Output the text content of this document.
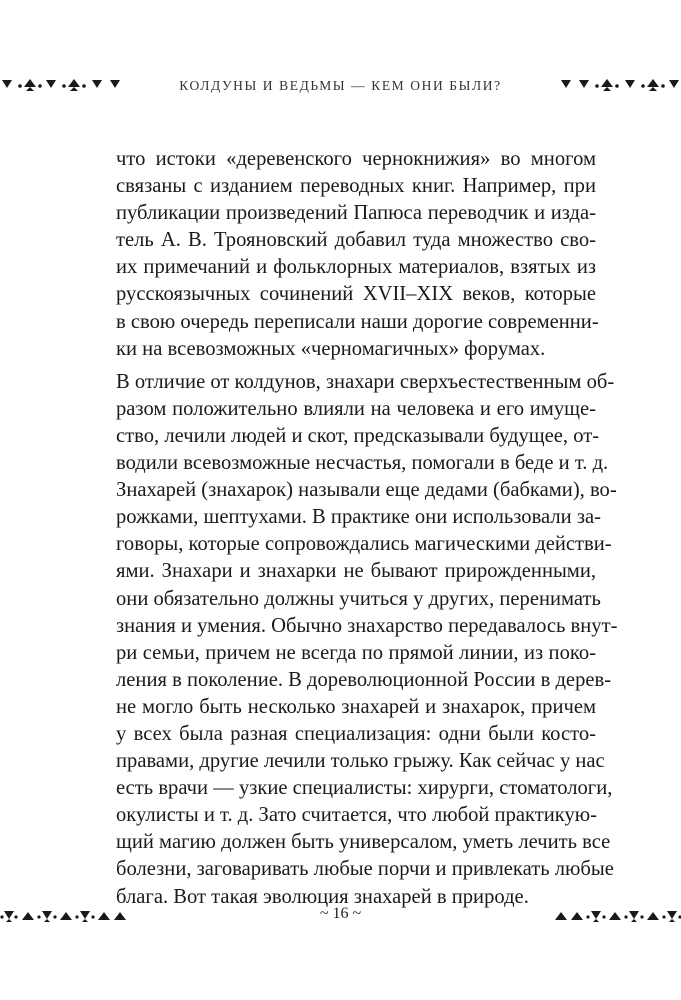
КОЛДУНЫ И ВЕДЬМЫ — КЕМ ОНИ БЫЛИ?
что истоки «деревенского чернокнижия» во многом
связаны с изданием переводных книг. Например, при
публикации произведений Папюса переводчик и изда-
тель А. В. Трояновский добавил туда множество сво-
их примечаний и фольклорных материалов, взятых из
русскоязычных сочинений XVII–XIX веков, которые
в свою очередь переписали наши дорогие современни-
ки на всевозможных «черномагичных» форумах.
В отличие от колдунов, знахари сверхъестественным об-
разом положительно влияли на человека и его имуще-
ство, лечили людей и скот, предсказывали будущее, от-
водили всевозможные несчастья, помогали в беде и т. д.
Знахарей (знахарок) называли еще дедами (бабками), во-
рожками, шептухами. В практике они использовали за-
говоры, которые сопровождались магическими действи-
ями. Знахари и знахарки не бывают прирожденными,
они обязательно должны учиться у других, перенимать
знания и умения. Обычно знахарство передавалось внут-
ри семьи, причем не всегда по прямой линии, из поко-
ления в поколение. В дореволюционной России в дерев-
не могло быть несколько знахарей и знахарок, причем
у всех была разная специализация: одни были косто-
правами, другие лечили только грыжу. Как сейчас у нас
есть врачи — узкие специалисты: хирурги, стоматологи,
окулисты и т. д. Зато считается, что любой практикую-
щий магию должен быть универсалом, уметь лечить все
болезни, заговаривать любые порчи и привлекать любые
блага. Вот такая эволюция знахарей в природе.
~ 16 ~
